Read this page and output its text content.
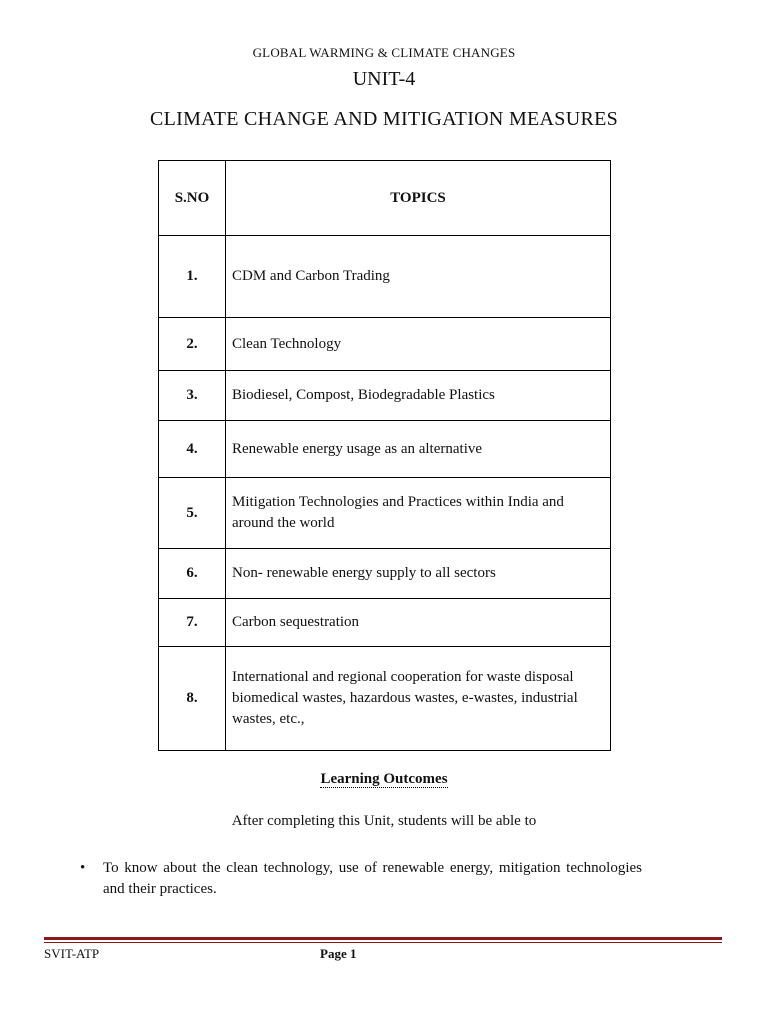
GLOBAL WARMING & CLIMATE CHANGES
UNIT-4
CLIMATE CHANGE AND MITIGATION MEASURES
S.NO	TOPICS
1.	CDM and Carbon Trading
2.	Clean Technology
3.	Biodiesel, Compost, Biodegradable Plastics
4.	Renewable energy usage as an alternative
5.	Mitigation Technologies and Practices within India and around the world
6.	Non- renewable energy supply to all sectors
7.	Carbon sequestration
8.	International and regional cooperation for waste disposal biomedical wastes, hazardous wastes, e-wastes, industrial wastes, etc.,
Learning Outcomes
After completing this Unit, students will be able to
• To know about the clean technology, use of renewable energy, mitigation technologies and their practices.
SVIT-ATP	Page 1
